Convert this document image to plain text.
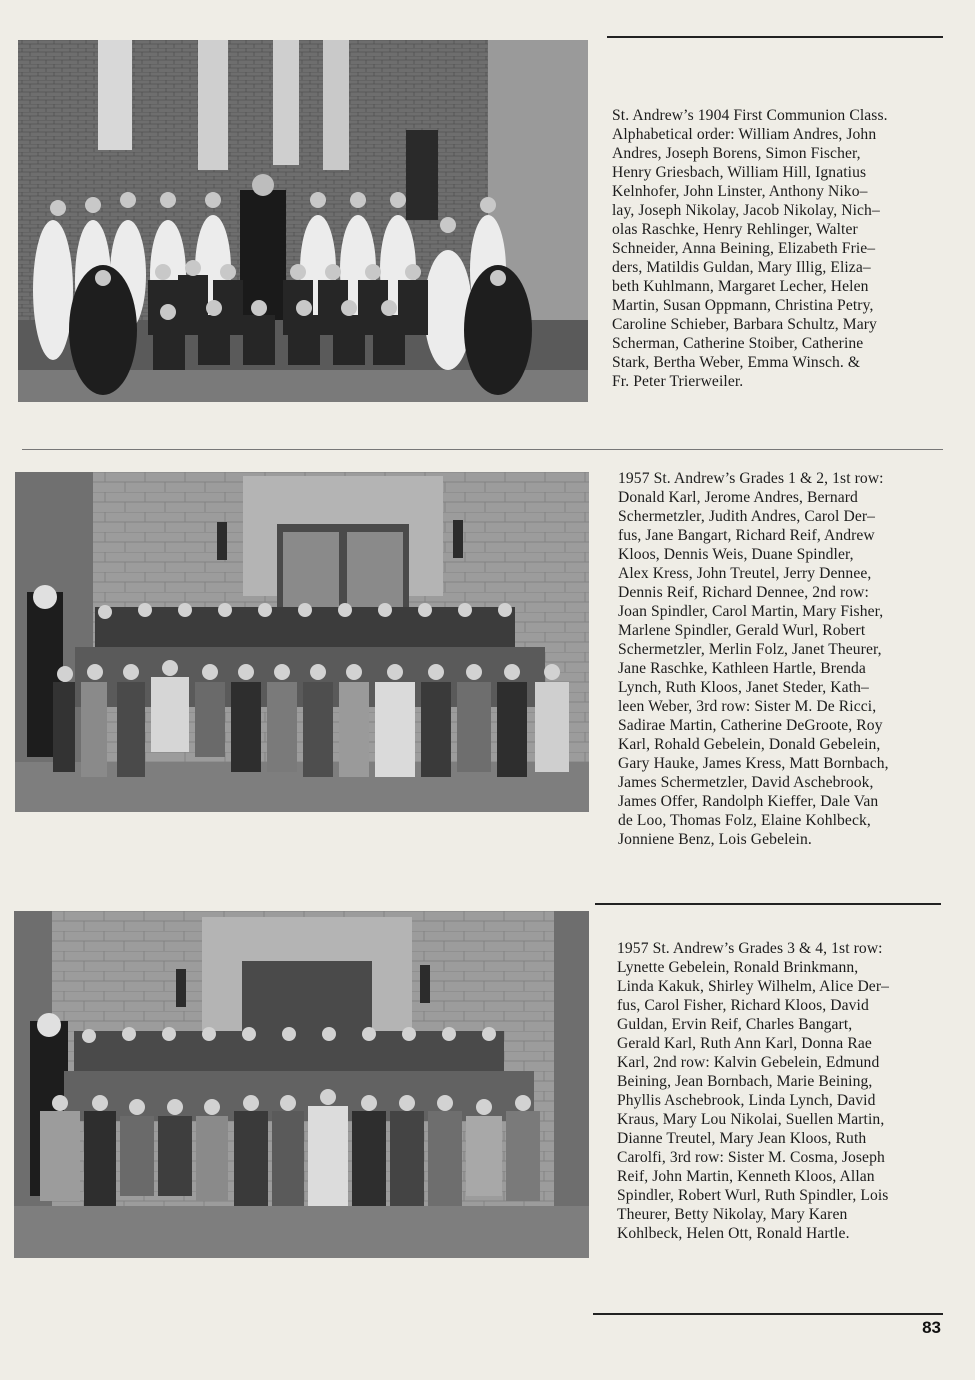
St. Andrew’s 1904 First Communion Class.
Alphabetical order: William Andres, John
Andres, Joseph Borens, Simon Fischer,
Henry Griesbach, William Hill, Ignatius
Kelnhofer, John Linster, Anthony Niko–
lay, Joseph Nikolay, Jacob Nikolay, Nich–
olas Raschke, Henry Rehlinger, Walter
Schneider, Anna Beining, Elizabeth Frie–
ders, Matildis Guldan, Mary Illig, Eliza–
beth Kuhlmann, Margaret Lecher, Helen
Martin, Susan Oppmann, Christina Petry,
Caroline Schieber, Barbara Schultz, Mary
Scherman, Catherine Stoiber, Catherine
Stark, Bertha Weber, Emma Winsch. &
Fr. Peter Trierweiler.

1957 St. Andrew’s Grades 1 & 2, 1st row:
Donald Karl, Jerome Andres, Bernard
Schermetzler, Judith Andres, Carol Der–
fus, Jane Bangart, Richard Reif, Andrew
Kloos, Dennis Weis, Duane Spindler,
Alex Kress, John Treutel, Jerry Dennee,
Dennis Reif, Richard Dennee, 2nd row:
Joan Spindler, Carol Martin, Mary Fisher,
Marlene Spindler, Gerald Wurl, Robert
Schermetzler, Merlin Folz, Janet Theurer,
Jane Raschke, Kathleen Hartle, Brenda
Lynch, Ruth Kloos, Janet Steder, Kath–
leen Weber, 3rd row: Sister M. De Ricci,
Sadirae Martin, Catherine DeGroote, Roy
Karl, Rohald Gebelein, Donald Gebelein,
Gary Hauke, James Kress, Matt Bornbach,
James Schermetzler, David Aschebrook,
James Offer, Randolph Kieffer, Dale Van
de Loo, Thomas Folz, Elaine Kohlbeck,
Jonniene Benz, Lois Gebelein.

1957 St. Andrew’s Grades 3 & 4, 1st row:
Lynette Gebelein, Ronald Brinkmann,
Linda Kakuk, Shirley Wilhelm, Alice Der–
fus, Carol Fisher, Richard Kloos, David
Guldan, Ervin Reif, Charles Bangart,
Gerald Karl, Ruth Ann Karl, Donna Rae
Karl, 2nd row: Kalvin Gebelein, Edmund
Beining, Jean Bornbach, Marie Beining,
Phyllis Aschebrook, Linda Lynch, David
Kraus, Mary Lou Nikolai, Suellen Martin,
Dianne Treutel, Mary Jean Kloos, Ruth
Carolfi, 3rd row: Sister M. Cosma, Joseph
Reif, John Martin, Kenneth Kloos, Allan
Spindler, Robert Wurl, Ruth Spindler, Lois
Theurer, Betty Nikolay, Mary Karen
Kohlbeck, Helen Ott, Ronald Hartle.

83
